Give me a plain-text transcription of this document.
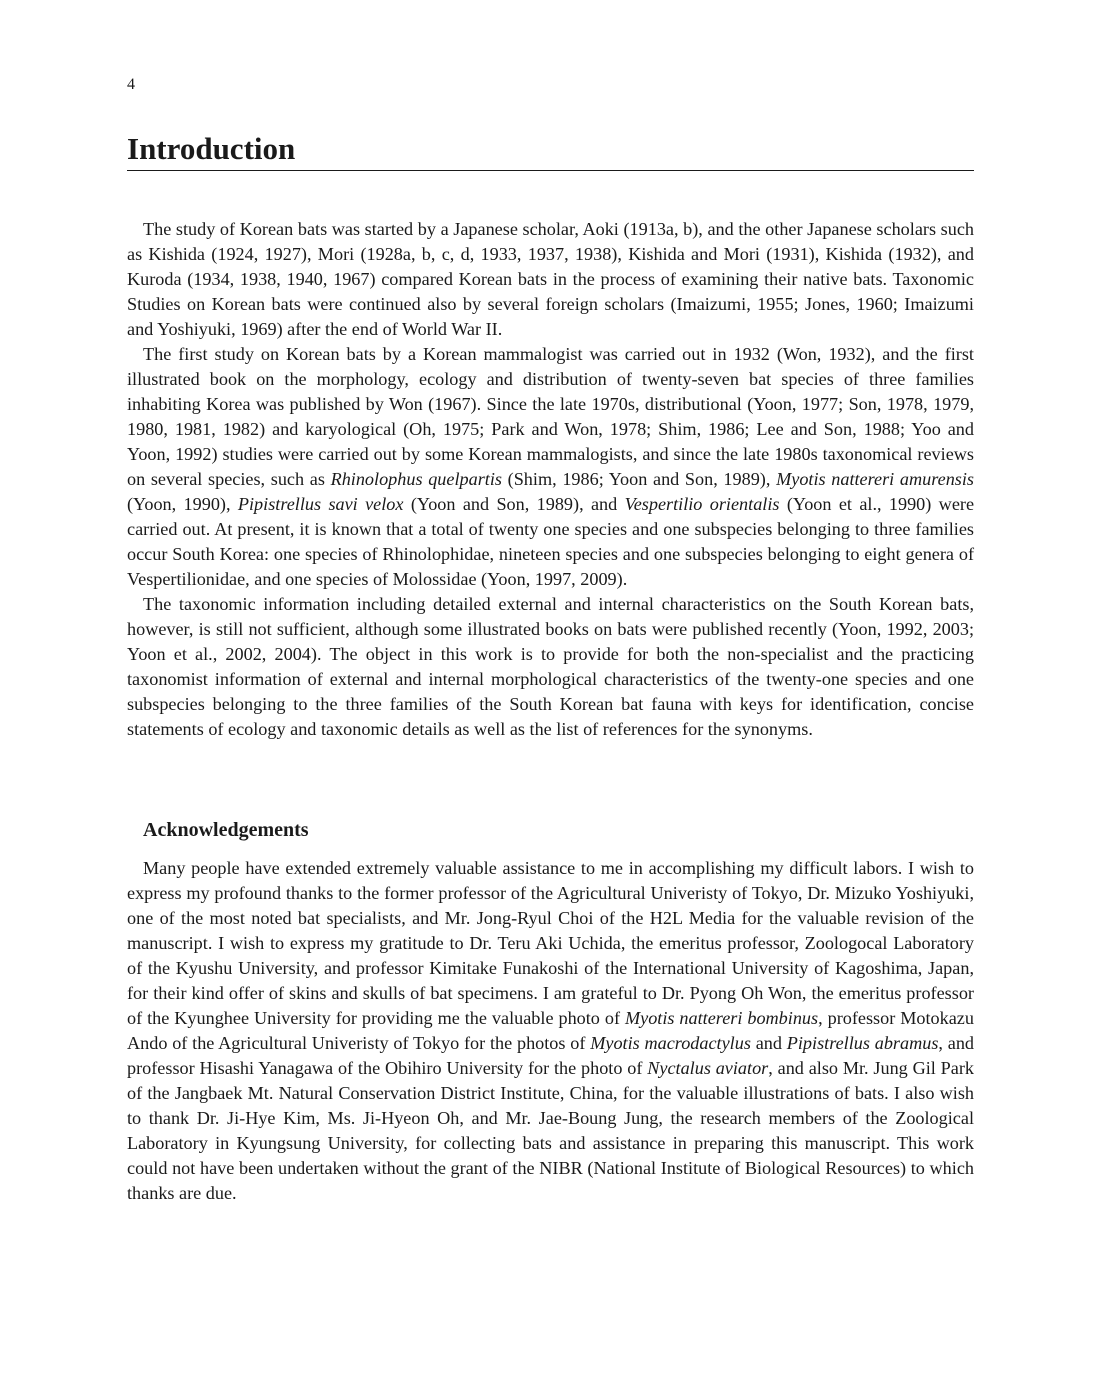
4
Introduction

The study of Korean bats was started by a Japanese scholar, Aoki (1913a, b), and the other Japanese scholars such as Kishida (1924, 1927), Mori (1928a, b, c, d, 1933, 1937, 1938), Kishida and Mori (1931), Kishida (1932), and Kuroda (1934, 1938, 1940, 1967) compared Korean bats in the process of examining their native bats. Taxonomic Studies on Korean bats were continued also by several foreign scholars (Imaizumi, 1955; Jones, 1960; Imaizumi and Yoshiyuki, 1969) after the end of World War II.

The first study on Korean bats by a Korean mammalogist was carried out in 1932 (Won, 1932), and the first illustrated book on the morphology, ecology and distribution of twenty-seven bat species of three families inhabiting Korea was published by Won (1967). Since the late 1970s, distributional (Yoon, 1977; Son, 1978, 1979, 1980, 1981, 1982) and karyological (Oh, 1975; Park and Won, 1978; Shim, 1986; Lee and Son, 1988; Yoo and Yoon, 1992) studies were carried out by some Korean mammalogists, and since the late 1980s taxonomical reviews on several species, such as Rhinolophus quelpartis (Shim, 1986; Yoon and Son, 1989), Myotis nattereri amurensis (Yoon, 1990), Pipistrellus savi velox (Yoon and Son, 1989), and Vespertilio orientalis (Yoon et al., 1990) were carried out. At present, it is known that a total of twenty one species and one subspecies belonging to three families occur South Korea: one species of Rhinolophidae, nineteen species and one subspecies belonging to eight genera of Vespertilionidae, and one species of Molossidae (Yoon, 1997, 2009).

The taxonomic information including detailed external and internal characteristics on the South Korean bats, however, is still not sufficient, although some illustrated books on bats were published recently (Yoon, 1992, 2003; Yoon et al., 2002, 2004). The object in this work is to provide for both the non-specialist and the practicing taxonomist information of external and internal morphological characteristics of the twenty-one species and one subspecies belonging to the three families of the South Korean bat fauna with keys for identification, concise statements of ecology and taxonomic details as well as the list of references for the synonyms.

Acknowledgements

Many people have extended extremely valuable assistance to me in accomplishing my difficult labors. I wish to express my profound thanks to the former professor of the Agricultural Univeristy of Tokyo, Dr. Mizuko Yoshiyuki, one of the most noted bat specialists, and Mr. Jong-Ryul Choi of the H2L Media for the valuable revision of the manuscript. I wish to express my gratitude to Dr. Teru Aki Uchida, the emeritus professor, Zoologocal Laboratory of the Kyushu University, and professor Kimitake Funakoshi of the International University of Kagoshima, Japan, for their kind offer of skins and skulls of bat specimens. I am grateful to Dr. Pyong Oh Won, the emeritus professor of the Kyunghee University for providing me the valuable photo of Myotis nattereri bombinus, professor Motokazu Ando of the Agricultural Univeristy of Tokyo for the photos of Myotis macrodactylus and Pipistrellus abramus, and professor Hisashi Yanagawa of the Obihiro University for the photo of Nyctalus aviator, and also Mr. Jung Gil Park of the Jangbaek Mt. Natural Conservation District Institute, China, for the valuable illustrations of bats. I also wish to thank Dr. Ji-Hye Kim, Ms. Ji-Hyeon Oh, and Mr. Jae-Boung Jung, the research members of the Zoological Laboratory in Kyungsung University, for collecting bats and assistance in preparing this manuscript. This work could not have been undertaken without the grant of the NIBR (National Institute of Biological Resources) to which thanks are due.
